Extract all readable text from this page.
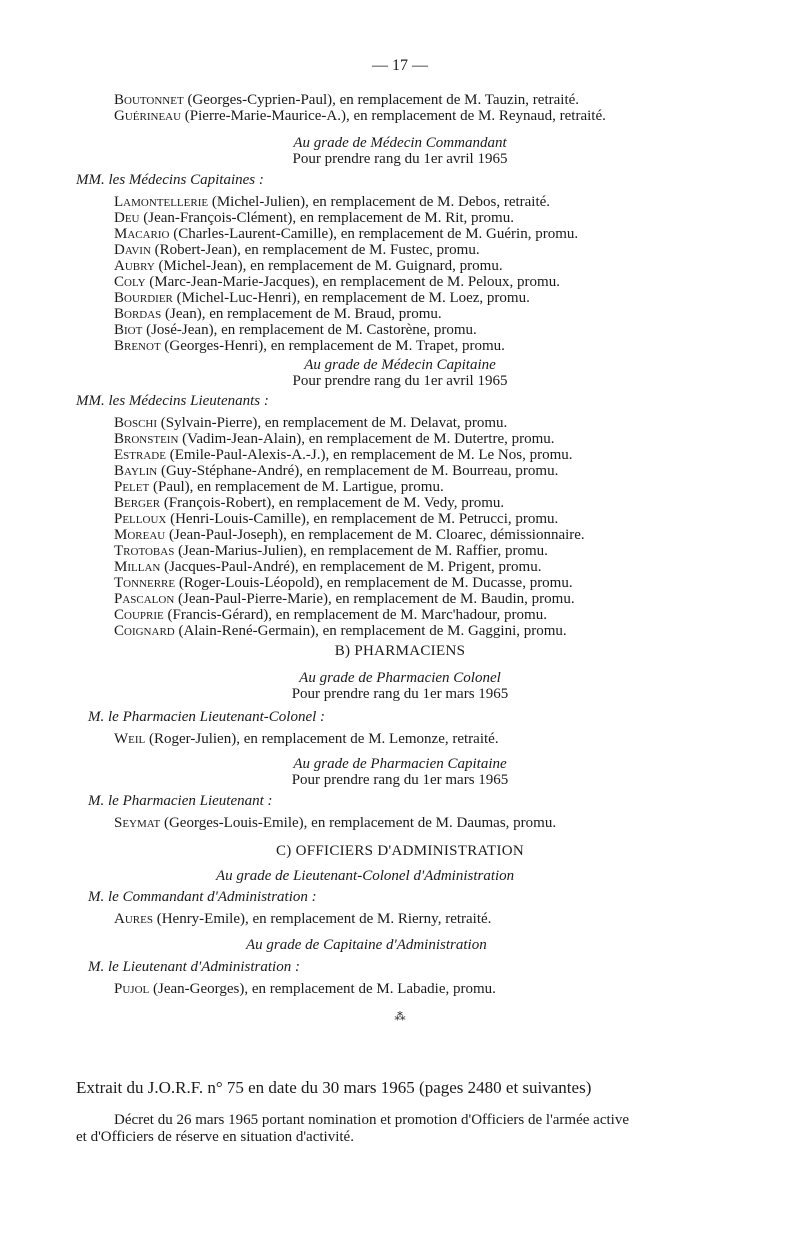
— 17 —
Boutonnet (Georges-Cyprien-Paul), en remplacement de M. Tauzin, retraité.
Guérineau (Pierre-Marie-Maurice-A.), en remplacement de M. Reynaud, retraité.
Au grade de Médecin Commandant
Pour prendre rang du 1er avril 1965
MM. les Médecins Capitaines :
Lamontellerie (Michel-Julien), en remplacement de M. Debos, retraité.
Deu (Jean-François-Clément), en remplacement de M. Rit, promu.
Macario (Charles-Laurent-Camille), en remplacement de M. Guérin, promu.
Davin (Robert-Jean), en remplacement de M. Fustec, promu.
Aubry (Michel-Jean), en remplacement de M. Guignard, promu.
Coly (Marc-Jean-Marie-Jacques), en remplacement de M. Peloux, promu.
Bourdier (Michel-Luc-Henri), en remplacement de M. Loez, promu.
Bordas (Jean), en remplacement de M. Braud, promu.
Biot (José-Jean), en remplacement de M. Castorène, promu.
Brenot (Georges-Henri), en remplacement de M. Trapet, promu.
Au grade de Médecin Capitaine
Pour prendre rang du 1er avril 1965
MM. les Médecins Lieutenants :
Boschi (Sylvain-Pierre), en remplacement de M. Delavat, promu.
Bronstein (Vadim-Jean-Alain), en remplacement de M. Dutertre, promu.
Estrade (Emile-Paul-Alexis-A.-J.), en remplacement de M. Le Nos, promu.
Baylin (Guy-Stéphane-André), en remplacement de M. Bourreau, promu.
Pelet (Paul), en remplacement de M. Lartigue, promu.
Berger (François-Robert), en remplacement de M. Vedy, promu.
Pelloux (Henri-Louis-Camille), en remplacement de M. Petrucci, promu.
Moreau (Jean-Paul-Joseph), en remplacement de M. Cloarec, démissionnaire.
Trotobas (Jean-Marius-Julien), en remplacement de M. Raffier, promu.
Millan (Jacques-Paul-André), en remplacement de M. Prigent, promu.
Tonnerre (Roger-Louis-Léopold), en remplacement de M. Ducasse, promu.
Pascalon (Jean-Paul-Pierre-Marie), en remplacement de M. Baudin, promu.
Couprie (Francis-Gérard), en remplacement de M. Marc'hadour, promu.
Coignard (Alain-René-Germain), en remplacement de M. Gaggini, promu.
B) PHARMACIENS
Au grade de Pharmacien Colonel
Pour prendre rang du 1er mars 1965
M. le Pharmacien Lieutenant-Colonel :
Weil (Roger-Julien), en remplacement de M. Lemonze, retraité.
Au grade de Pharmacien Capitaine
Pour prendre rang du 1er mars 1965
M. le Pharmacien Lieutenant :
Seymat (Georges-Louis-Emile), en remplacement de M. Daumas, promu.
C) OFFICIERS D'ADMINISTRATION
Au grade de Lieutenant-Colonel d'Administration
M. le Commandant d'Administration :
Aures (Henry-Emile), en remplacement de M. Rierny, retraité.
Au grade de Capitaine d'Administration
M. le Lieutenant d'Administration :
Pujol (Jean-Georges), en remplacement de M. Labadie, promu.
⁂
Extrait du J.O.R.F. n° 75 en date du 30 mars 1965 (pages 2480 et suivantes)
Décret du 26 mars 1965 portant nomination et promotion d'Officiers de l'armée active
et d'Officiers de réserve en situation d'activité.
